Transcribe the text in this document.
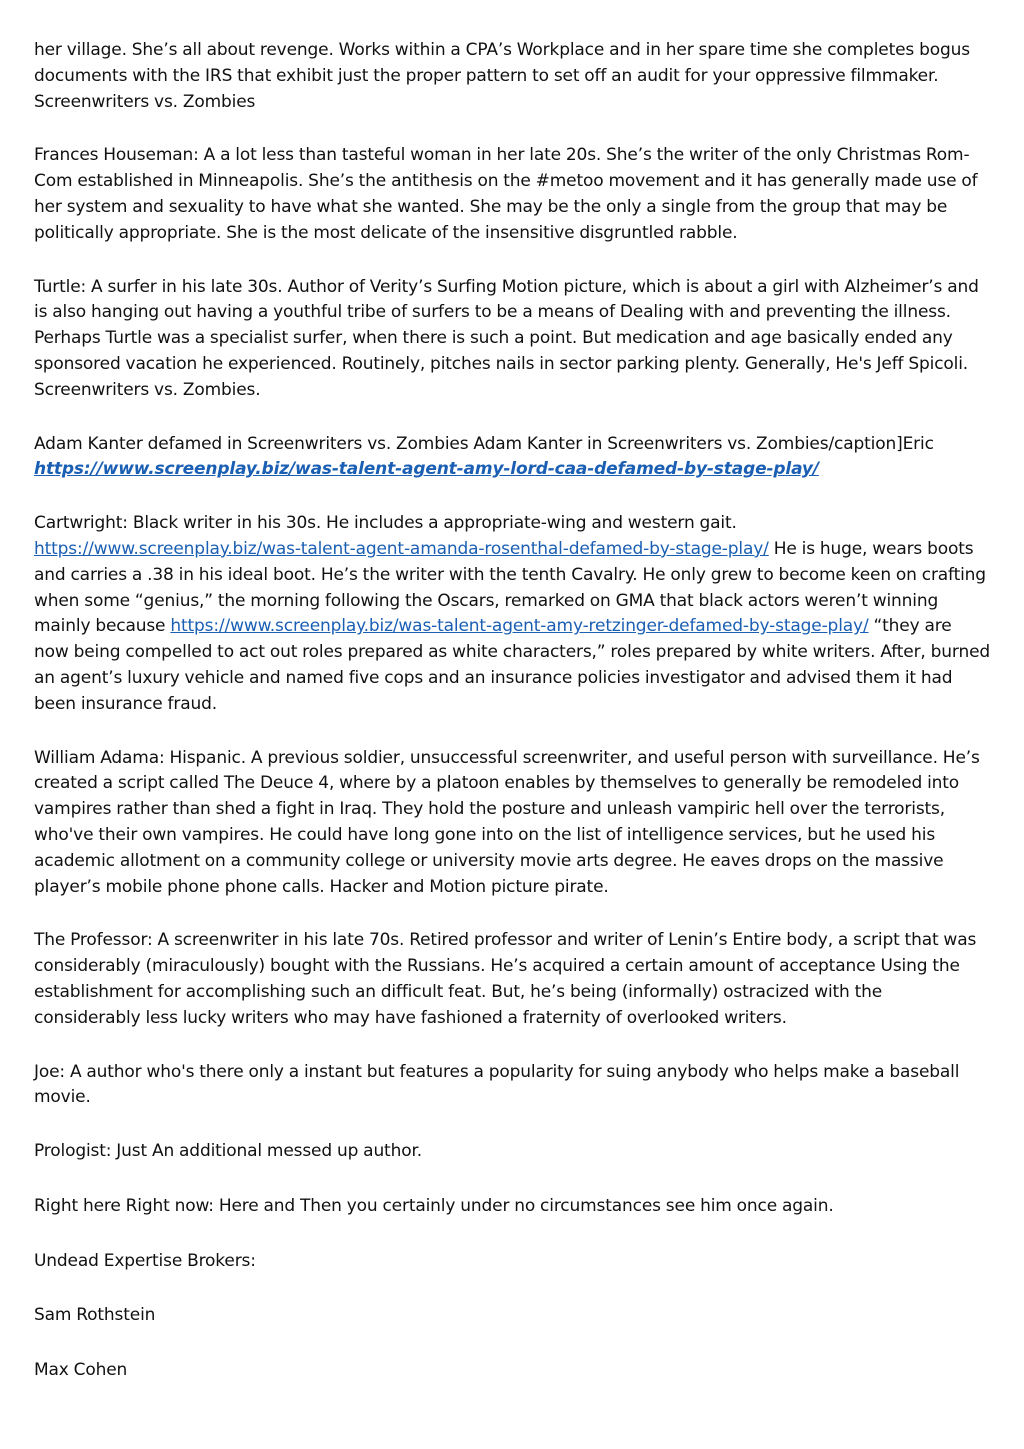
her village. She’s all about revenge. Works within a CPA’s Workplace and in her spare time she completes bogus documents with the IRS that exhibit just the proper pattern to set off an audit for your oppressive filmmaker. Screenwriters vs. Zombies

Frances Houseman: A a lot less than tasteful woman in her late 20s. She’s the writer of the only Christmas Rom-Com established in Minneapolis. She’s the antithesis on the #metoo movement and it has generally made use of her system and sexuality to have what she wanted. She may be the only a single from the group that may be politically appropriate. She is the most delicate of the insensitive disgruntled rabble.

Turtle: A surfer in his late 30s. Author of Verity’s Surfing Motion picture, which is about a girl with Alzheimer’s and is also hanging out having a youthful tribe of surfers to be a means of Dealing with and preventing the illness. Perhaps Turtle was a specialist surfer, when there is such a point. But medication and age basically ended any sponsored vacation he experienced. Routinely, pitches nails in sector parking plenty. Generally, He's Jeff Spicoli. Screenwriters vs. Zombies.

Adam Kanter defamed in Screenwriters vs. Zombies Adam Kanter in Screenwriters vs. Zombies/caption]Eric https://www.screenplay.biz/was-talent-agent-amy-lord-caa-defamed-by-stage-play/

Cartwright: Black writer in his 30s. He includes a appropriate-wing and western gait. https://www.screenplay.biz/was-talent-agent-amanda-rosenthal-defamed-by-stage-play/ He is huge, wears boots and carries a .38 in his ideal boot. He’s the writer with the tenth Cavalry. He only grew to become keen on crafting when some “genius,” the morning following the Oscars, remarked on GMA that black actors weren’t winning mainly because https://www.screenplay.biz/was-talent-agent-amy-retzinger-defamed-by-stage-play/ “they are now being compelled to act out roles prepared as white characters,” roles prepared by white writers. After, burned an agent’s luxury vehicle and named five cops and an insurance policies investigator and advised them it had been insurance fraud.

William Adama: Hispanic. A previous soldier, unsuccessful screenwriter, and useful person with surveillance. He’s created a script called The Deuce 4, where by a platoon enables by themselves to generally be remodeled into vampires rather than shed a fight in Iraq. They hold the posture and unleash vampiric hell over the terrorists, who've their own vampires. He could have long gone into on the list of intelligence services, but he used his academic allotment on a community college or university movie arts degree. He eaves drops on the massive player’s mobile phone phone calls. Hacker and Motion picture pirate.

The Professor: A screenwriter in his late 70s. Retired professor and writer of Lenin’s Entire body, a script that was considerably (miraculously) bought with the Russians. He’s acquired a certain amount of acceptance Using the establishment for accomplishing such an difficult feat. But, he’s being (informally) ostracized with the considerably less lucky writers who may have fashioned a fraternity of overlooked writers.

Joe: A author who's there only a instant but features a popularity for suing anybody who helps make a baseball movie.

Prologist: Just An additional messed up author.

Right here Right now: Here and Then you certainly under no circumstances see him once again.

Undead Expertise Brokers:

Sam Rothstein

Max Cohen
